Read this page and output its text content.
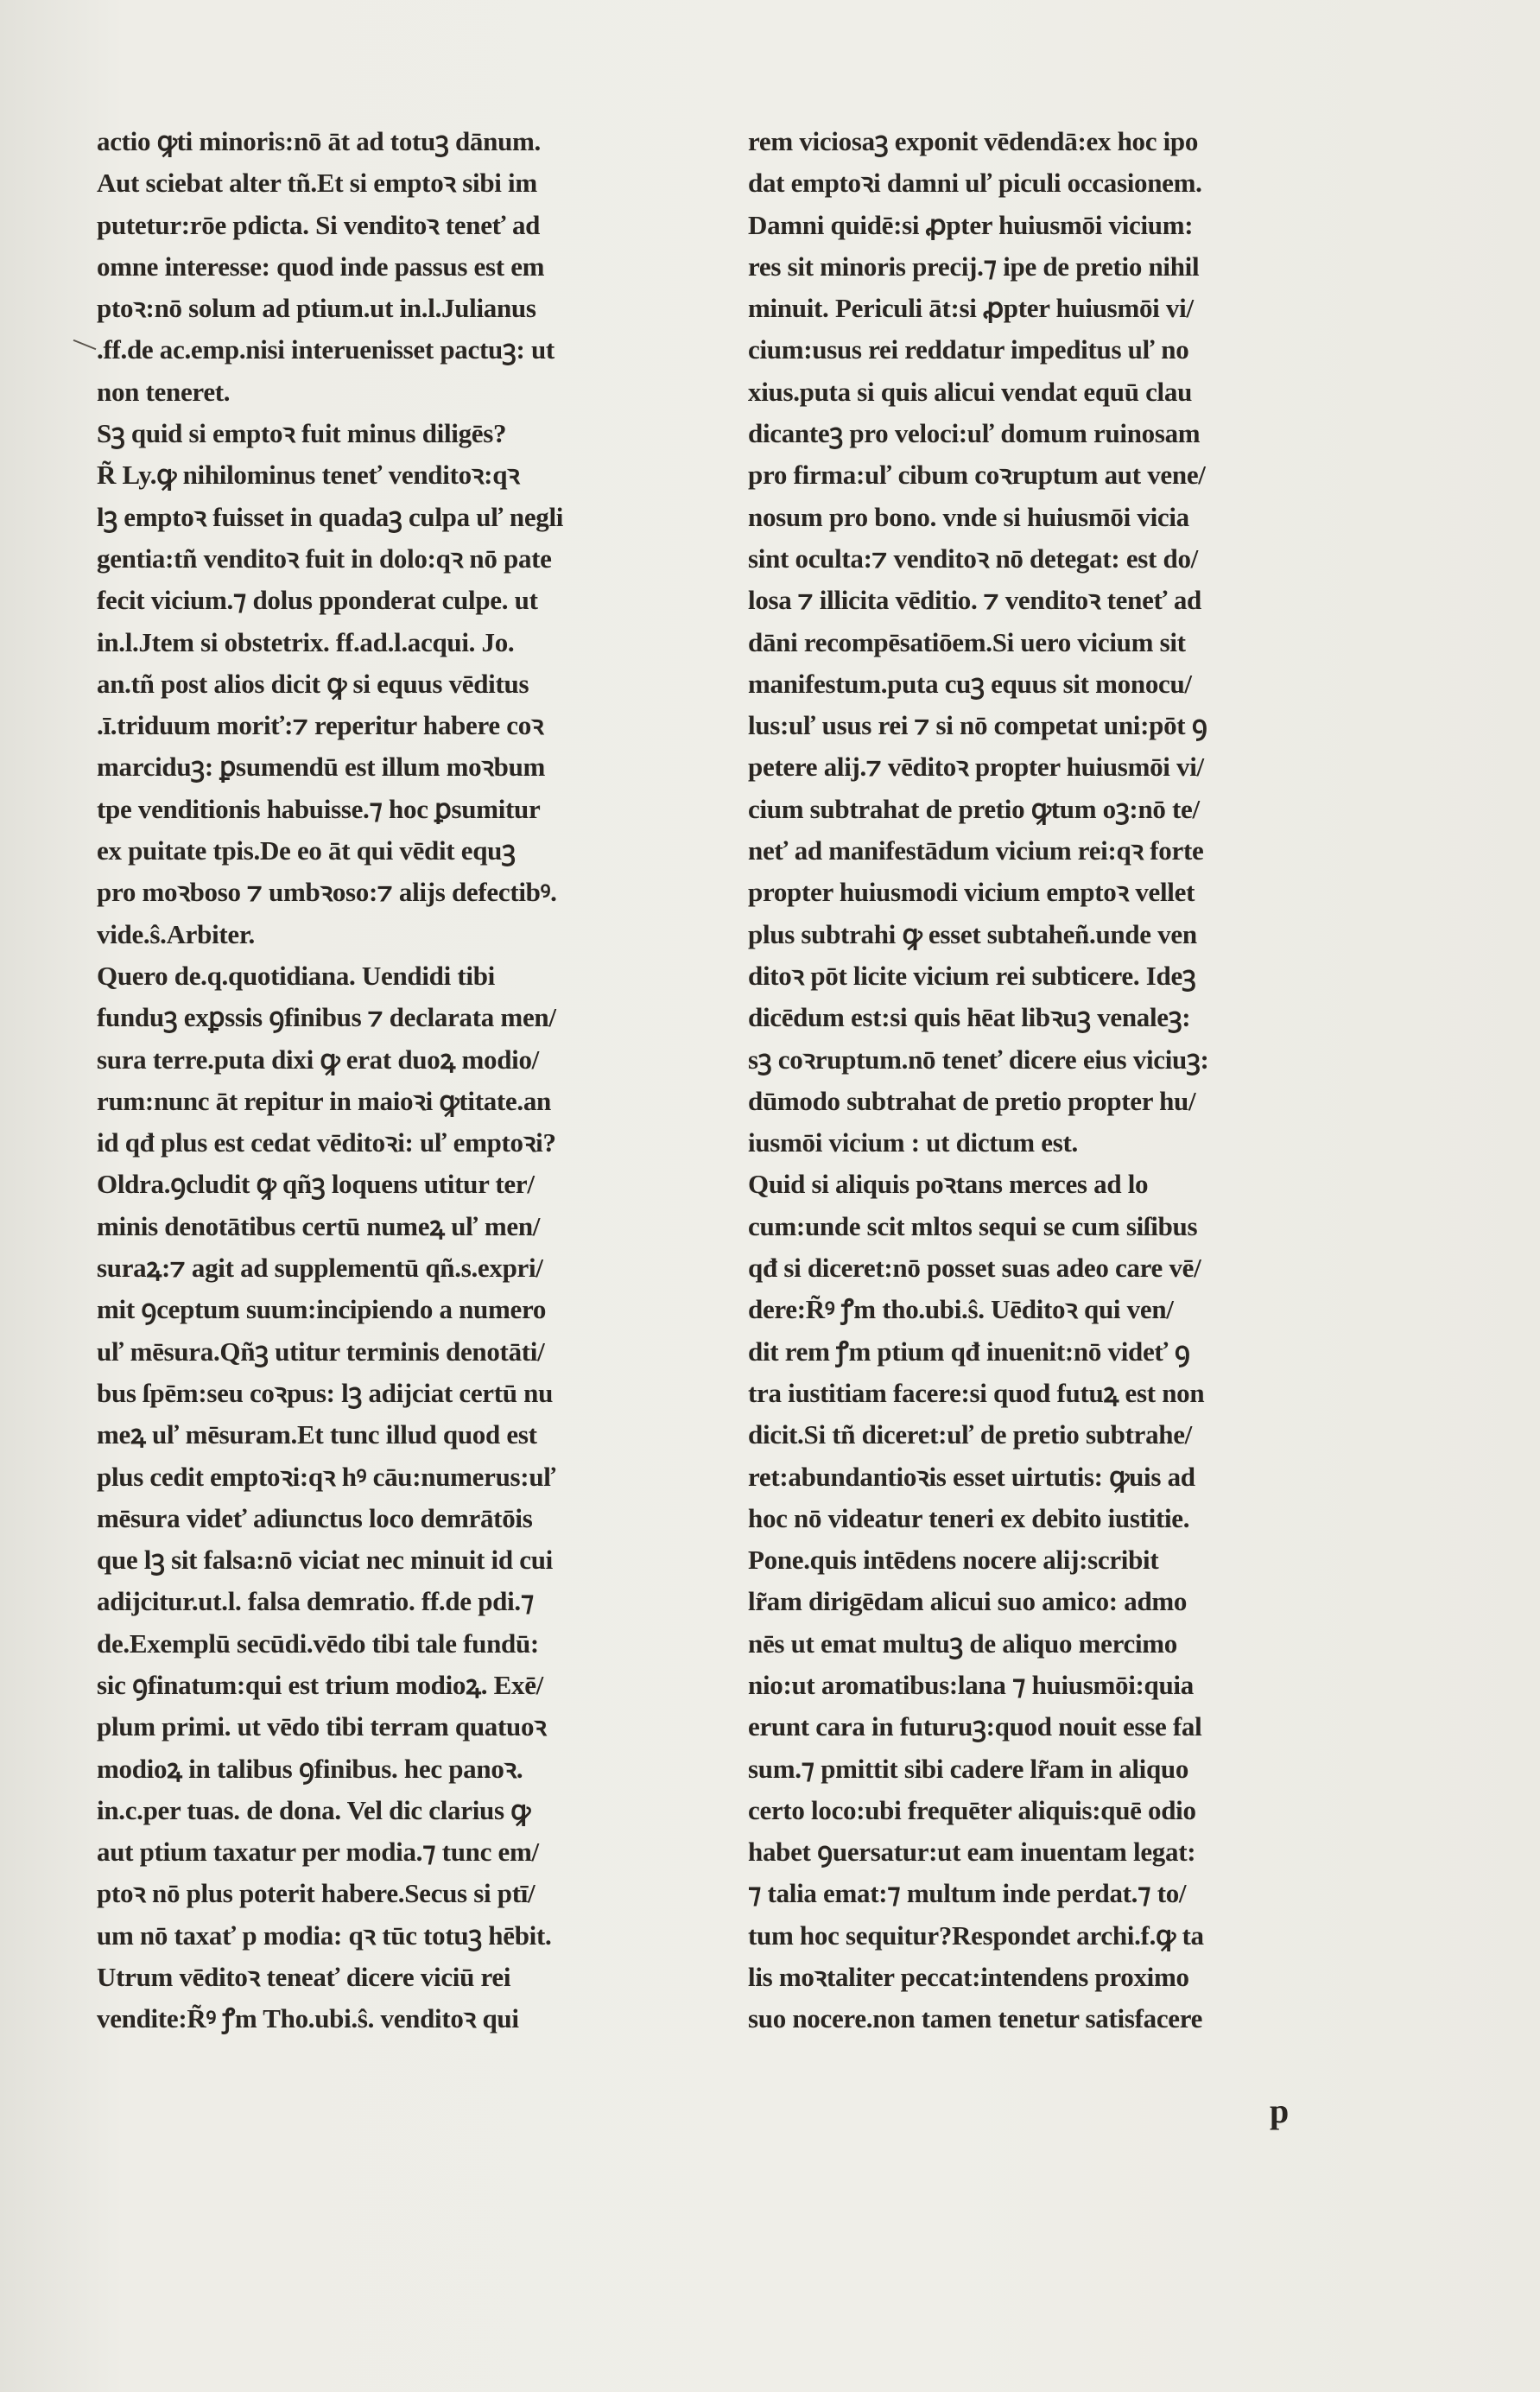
actio ꝙti minoris:nō āt ad totuꝫ dānum.
Aut sciebat alter tñ.Et si emptoꝛ sibi im
putetur:rōe pdicta. Si venditoꝛ teneť ad
omne interesse: quod inde passus est em
ptoꝛ:nō solum ad ptium.ut in.l.Julianus
.ff.de ac.emp.nisi interuenisset pactuꝫ: ut
non teneret.
Sꝫ quid si emptoꝛ fuit minus diligēs?
R̃ Ly.ꝙ nihilominus teneť venditoꝛ:qꝛ
lꝫ emptoꝛ fuisset in quadaꝫ culpa uľ negli
gentia:tñ venditoꝛ fuit in dolo:qꝛ nō pate
fecit vicium.⁊ dolus pponderat culpe. ut
in.l.Jtem si obstetrix. ff.ad.l.acqui. Jo.
an.tñ post alios dicit ꝙ si equus vēditus
.ī.triduum moriť:⁊ reperitur habere coꝛ
marciduꝫ: ꝑsumendū est illum moꝛbum
tpe venditionis habuisse.⁊ hoc ꝑsumitur
ex puitate tpis.De eo āt qui vēdit equꝫ
pro moꝛboso ⁊ umbꝛoso:⁊ alijs defectibꝰ.
vide.ŝ.Arbiter.
Quero de.q.quotidiana. Uendidi tibi
funduꝫ exꝑssis ꝯfinibus ⁊ declarata men/
sura terre.puta dixi ꝙ erat duoꝝ modio/
rum:nunc āt repitur in maioꝛi ꝙtitate.an
id qđ plus est cedat vēditoꝛi: uľ emptoꝛi?
Oldra.ꝯcludit ꝙ qñꝫ loquens utitur ter/
minis denotātibus certū numeꝝ uľ men/
suraꝝ:⁊ agit ad supplementū qñ.s.expri/
mit ꝯceptum suum:incipiendo a numero
uľ mēsura.Qñꝫ utitur terminis denotāti/
bus ſpēm:seu coꝛpus: lꝫ adijciat certū nu
meꝝ uľ mēsuram.Et tunc illud quod est
plus cedit emptoꝛi:qꝛ hꝰ cāu:numerus:uľ
mēsura videť adiunctus loco demrātōis
que lꝫ sit falsa:nō viciat nec minuit id cui
adijcitur.ut.l. falsa demratio. ff.de pdi.⁊
de.Exemplū secūdi.vēdo tibi tale fundū:
sic ꝯfinatum:qui est trium modioꝝ. Exē/
plum primi. ut vēdo tibi terram quatuoꝛ
modioꝝ in talibus ꝯfinibus. hec panoꝛ.
in.c.per tuas. de dona. Vel dic clarius ꝙ
aut ptium taxatur per modia.⁊ tunc em/
ptoꝛ nō plus poterit habere.Secus si ptī/
um nō taxať p modia: qꝛ tūc totuꝫ hēbit.
Utrum vēditoꝛ teneať dicere viciū rei
vendite:R̃ꝰ ꝭm Tho.ubi.ŝ. venditoꝛ qui
rem viciosaꝫ exponit vēdendā:ex hoc ipo
dat emptoꝛi damni uľ piculi occasionem.
Damni quidē:si ꝓpter huiusmōi vicium:
res sit minoris precij.⁊ ipe de pretio nihil
minuit. Periculi āt:si ꝓpter huiusmōi vi/
cium:usus rei reddatur impeditus uľ no
xius.puta si quis alicui vendat equū clau
dicanteꝫ pro veloci:uľ domum ruinosam
pro firma:uľ cibum coꝛruptum aut vene/
nosum pro bono. vnde si huiusmōi vicia
sint oculta:⁊ venditoꝛ nō detegat: est do/
losa ⁊ illicita vēditio. ⁊ venditoꝛ teneť ad
dāni recompēsatiōem.Si uero vicium sit
manifestum.puta cuꝫ equus sit monocu/
lus:uľ usus rei ⁊ si nō competat uni:pōt ꝯ
petere alij.⁊ vēditoꝛ propter huiusmōi vi/
cium subtrahat de pretio ꝙtum oꝫ:nō te/
neť ad manifestādum vicium rei:qꝛ forte
propter huiusmodi vicium emptoꝛ vellet
plus subtrahi ꝙ esset subtaheñ.unde ven
ditoꝛ pōt licite vicium rei subticere. Ideꝫ
dicēdum est:si quis hēat libꝛuꝫ venaleꝫ:
sꝫ coꝛruptum.nō teneť dicere eius viciuꝫ:
dūmodo subtrahat de pretio propter hu/
iusmōi vicium : ut dictum est.
Quid si aliquis poꝛtans merces ad lo
cum:unde scit mltos sequi se cum siſibus
qđ si diceret:nō posset suas adeo care vē/
dere:R̃ꝰ ꝭm tho.ubi.ŝ. Uēditoꝛ qui ven/
dit rem ꝭm ptium qđ inuenit:nō videť ꝯ
tra iustitiam facere:si quod futuꝝ est non
dicit.Si tñ diceret:uľ de pretio subtrahe/
ret:abundantioꝛis esset uirtutis: ꝙuis ad
hoc nō videatur teneri ex debito iustitie.
Pone.quis intēdens nocere alij:scribit
lr̃am dirigēdam alicui suo amico: admo
nēs ut emat multuꝫ de aliquo mercimo
nio:ut aromatibus:lana ⁊ huiusmōi:quia
erunt cara in futuruꝫ:quod nouit esse fal
sum.⁊ pmittit sibi cadere lr̃am in aliquo
certo loco:ubi frequēter aliquis:quē odio
habet ꝯuersatur:ut eam inuentam legat:
⁊ talia emat:⁊ multum inde perdat.⁊ to/
tum hoc sequitur?Respondet archi.f.ꝙ ta
lis moꝛtaliter peccat:intendens proximo
suo nocere.non tamen tenetur satisfacere
p
